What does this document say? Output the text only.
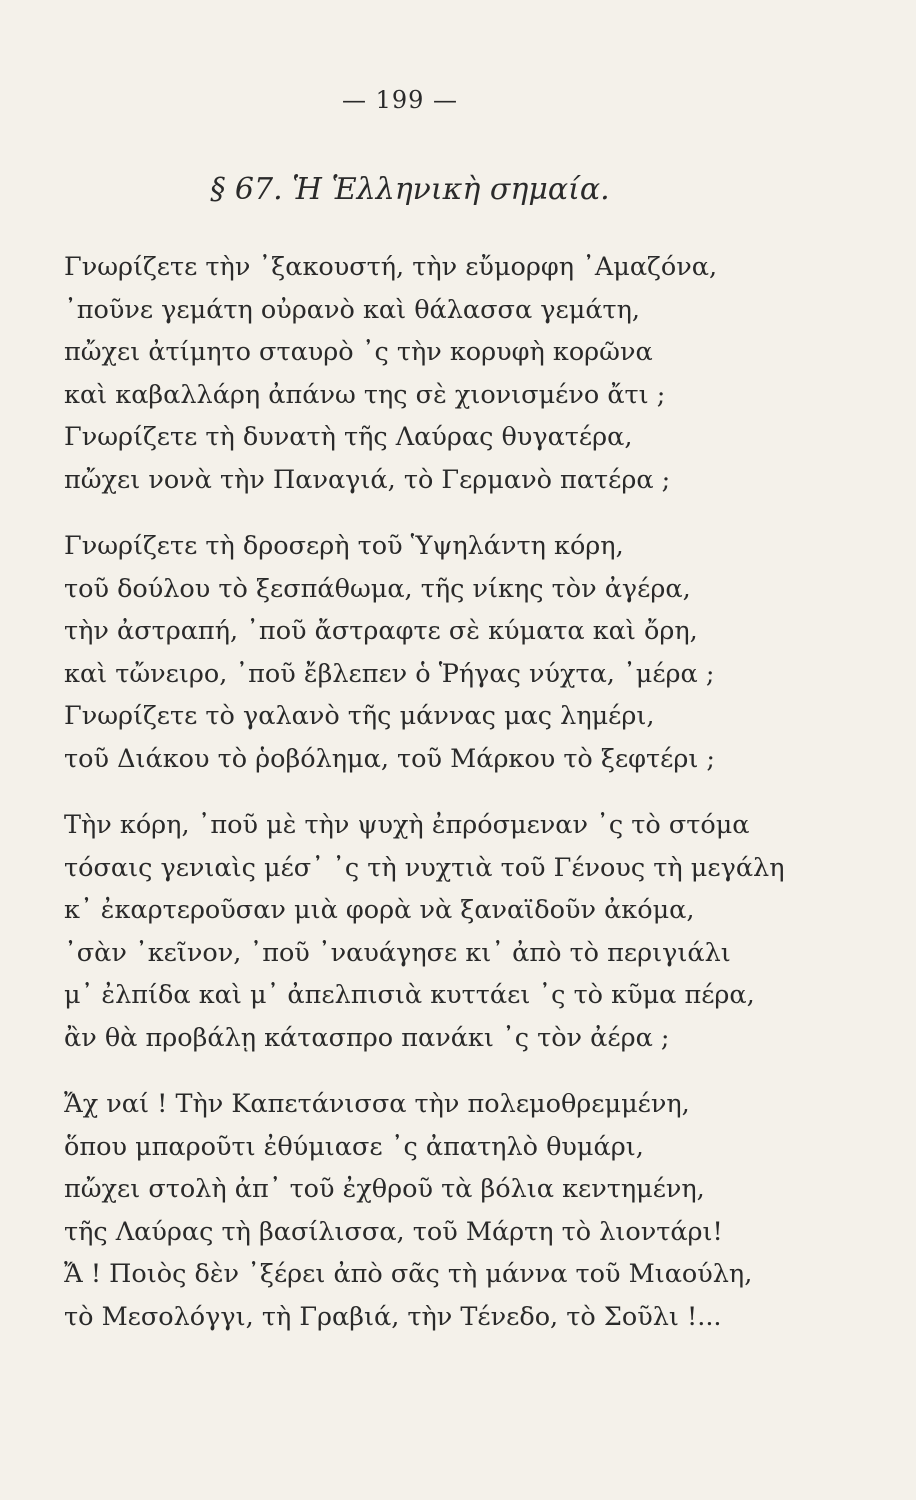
— 199 —
§ 67. Ἡ Ἑλληνικὴ σημαία.
Γνωρίζετε τὴν ᾽ξακουστή, τὴν εὔμορφη ᾽Αμαζόνα,
᾽ποῦνε γεμάτη οὐρανὸ καὶ θάλασσα γεμάτη,
πὤχει ἀτίμητο σταυρὸ ᾽ς τὴν κορυφὴ κορῶνα
καὶ καβαλλάρη ἀπάνω της σὲ χιονισμένο ἄτι ;
Γνωρίζετε τὴ δυνατὴ τῆς Λαύρας θυγατέρα,
πὤχει νονὰ τὴν Παναγιά, τὸ Γερμανὸ πατέρα ;
Γνωρίζετε τὴ δροσερὴ τοῦ Ὑψηλάντη κόρη,
τοῦ δούλου τὸ ξεσπάθωμα, τῆς νίκης τὸν ἀγέρα,
τὴν ἀστραπή, ᾽ποῦ ἄστραφτε σὲ κύματα καὶ ὄρη,
καὶ τὤνειρο, ᾽ποῦ ἔβλεπεν ὁ Ῥήγας νύχτα, ᾽μέρα ;
Γνωρίζετε τὸ γαλανὸ τῆς μάννας μας λημέρι,
τοῦ Διάκου τὸ ῥοβόλημα, τοῦ Μάρκου τὸ ξεφτέρι ;
Τὴν κόρη, ᾽ποῦ μὲ τὴν ψυχὴ ἐπρόσμεναν ᾽ς τὸ στόμα
τόσαις γενιαὶς μέσ᾽ ᾽ς τὴ νυχτιὰ τοῦ Γένους τὴ μεγάλη
κ᾽ ἐκαρτεροῦσαν μιὰ φορὰ νὰ ξαναϊδοῦν ἀκόμα,
᾽σὰν ᾽κεῖνον, ᾽ποῦ ᾽ναυάγησε κι᾽ ἀπὸ τὸ περιγιάλι
μ᾽ ἐλπίδα καὶ μ᾽ ἀπελπισιὰ κυττάει ᾽ς τὸ κῦμα πέρα,
ἂν θὰ προβάλῃ κάτασπρο πανάκι ᾽ς τὸν ἀέρα ;
Ἄχ ναί ! Τὴν Καπετάνισσα τὴν πολεμοθρεμμένη,
ὅπου μπαροῦτι ἐθύμιασε ᾽ς ἀπατηλὸ θυμάρι,
πὤχει στολὴ ἀπ᾽ τοῦ ἐχθροῦ τὰ βόλια κεντημένη,
τῆς Λαύρας τὴ βασίλισσα, τοῦ Μάρτη τὸ λιοντάρι!
Ἄ ! Ποιὸς δὲν ᾽ξέρει ἀπὸ σᾶς τὴ μάννα τοῦ Μιαούλη,
τὸ Μεσολόγγι, τὴ Γραβιά, τὴν Τένεδο, τὸ Σοῦλι !...
